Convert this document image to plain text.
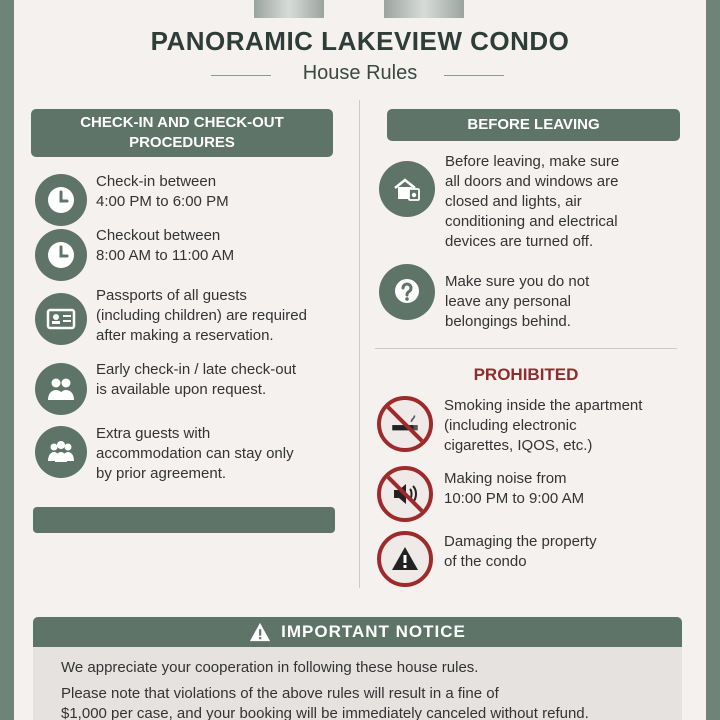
PANORAMIC LAKEVIEW CONDO
House Rules
CHECK-IN AND CHECK-OUT PROCEDURES
Check-in between
4:00 PM to 6:00 PM
Checkout between
8:00 AM to 11:00 AM
Passports of all guests
(including children) are required
after making a reservation.
Early check-in / late check-out
is available upon request.
Extra guests with
accommodation can stay only
by prior agreement.
BEFORE LEAVING
Before leaving, make sure
all doors and windows are
closed and lights, air
conditioning and electrical
devices are turned off.
Make sure you do not
leave any personal
belongings behind.
PROHIBITED
Smoking inside the apartment
(including electronic
cigarettes, IQOS, etc.)
Making noise from
10:00 PM to 9:00 AM
Damaging the property
of the condo
IMPORTANT NOTICE
We appreciate your cooperation in following these house rules.
Please note that violations of the above rules will result in a fine of
$1,000 per case, and your booking will be immediately canceled without refund.
